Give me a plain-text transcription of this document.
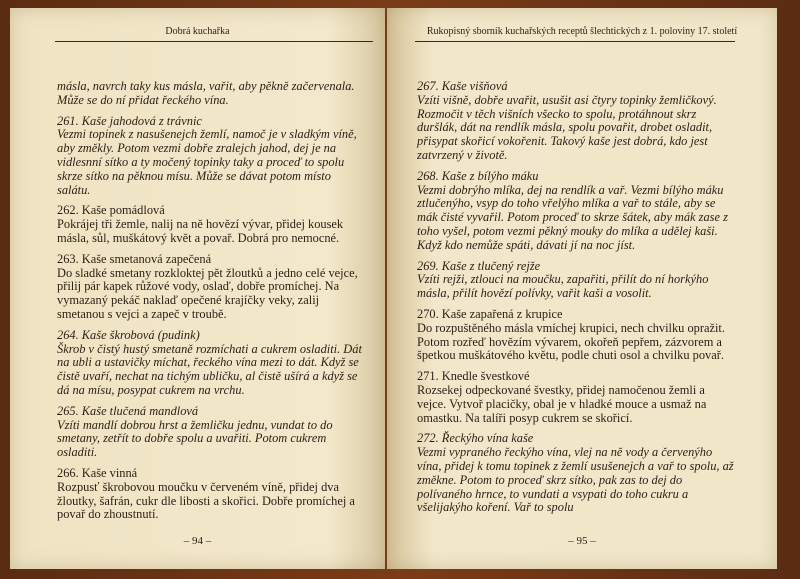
Dobrá kuchařka

másla, navrch taky kus másla, vařit, aby pěkně začervenala. Může se do ní přidat řeckého vína.

261. Kaše jahodová z trávnic

Vezmi topinek z nasušenejch žemlí, namoč je v sladkým víně, aby změkly. Potom vezmi dobře zralejch jahod, dej je na vidlesnní sítko a ty močený topinky taky a proceď to spolu skrze sítko na pěknou mísu. Může se dávat potom místo salátu.

262. Kaše pomádlová

Pokrájej tři žemle, nalij na ně hovězí vývar, přidej kousek másla, sůl, muškátový květ a povař. Dobrá pro nemocné.

263. Kaše smetanová zapečená

Do sladké smetany rozkloktej pět žloutků a jedno celé vejce, přilij pár kapek růžové vody, oslaď, dobře promíchej. Na vymazaný pekáč naklaď opečené krajíčky veky, zalij smetanou s vejci a zapeč v troubě.

264. Kaše škrobová (pudink)

Škrob v čistý hustý smetaně rozmíchati a cukrem osladiti. Dát na ubli a ustavičky míchat, řeckého vína mezi to dát. Když se čistě uvaří, nechat na tichým ubličku, al čistě ušírá a když se dá na mísu, posypat cukrem na vrchu.

265. Kaše tlučená mandlová

Vzíti mandlí dobrou hrst a žemličku jednu, vundat to do smetany, zetřít to dobře spolu a uvařiti. Potom cukrem osladiti.

266. Kaše vinná

Rozpusť škrobovou moučku v červeném víně, přidej dva žloutky, šafrán, cukr dle libosti a skořici. Dobře promíchej a povař do zhoustnutí.

– 94 –
Rukopisný sborník kuchařských receptů šlechtických z 1. poloviny 17. století

267. Kaše višňová

Vzíti višně, dobře uvařit, usušit asi čtyry topinky žemličkový. Rozmočit v těch višních všecko to spolu, protáhnout skrz duršlák, dát na rendlík másla, spolu povařit, drobet osladit, přisypat skořicí vokořenit. Takový kaše jest dobrá, kdo jest zatvrzený v životě.

268. Kaše z bílýho máku

Vezmi dobrýho mlíka, dej na rendlík a vař. Vezmi bílýho máku ztlučenýho, vsyp do toho vřelýho mlíka a vař to stále, aby se mák čisté vyvařil. Potom proceď to skrze šátek, aby mák zase z toho vyšel, potom vezmi pěkný mouky do mlíka a udělej kaši. Když kdo nemůže spáti, dávati jí na noc jíst.

269. Kaše z tlučený rejže

Vzíti rejži, ztlouci na moučku, zapařiti, přilít do ní horkýho másla, přilít hovězí polívky, vařit kaši a vosolit.

270. Kaše zapařená z krupice

Do rozpuštěného másla vmíchej krupici, nech chvilku opražit. Potom rozřeď hovězím vývarem, okořeň pepřem, zázvorem a špetkou muškátového květu, podle chuti osol a chvilku povař.

271. Knedle švestkové

Rozsekej odpeckované švestky, přidej namočenou žemli a vejce. Vytvoř placičky, obal je v hladké mouce a usmaž na omastku. Na talíři posyp cukrem se skořicí.

272. Řeckýho vína kaše

Vezmi vypraného řeckýho vína, vlej na ně vody a červenýho vína, přidej k tomu topinek z žemlí usušenejch a vař to spolu, až změkne. Potom to proceď skrz sítko, pak zas to dej do polívaného hrnce, to vundati a vsypati do toho cukru a všelijakýho koření. Vař to spolu

– 95 –
